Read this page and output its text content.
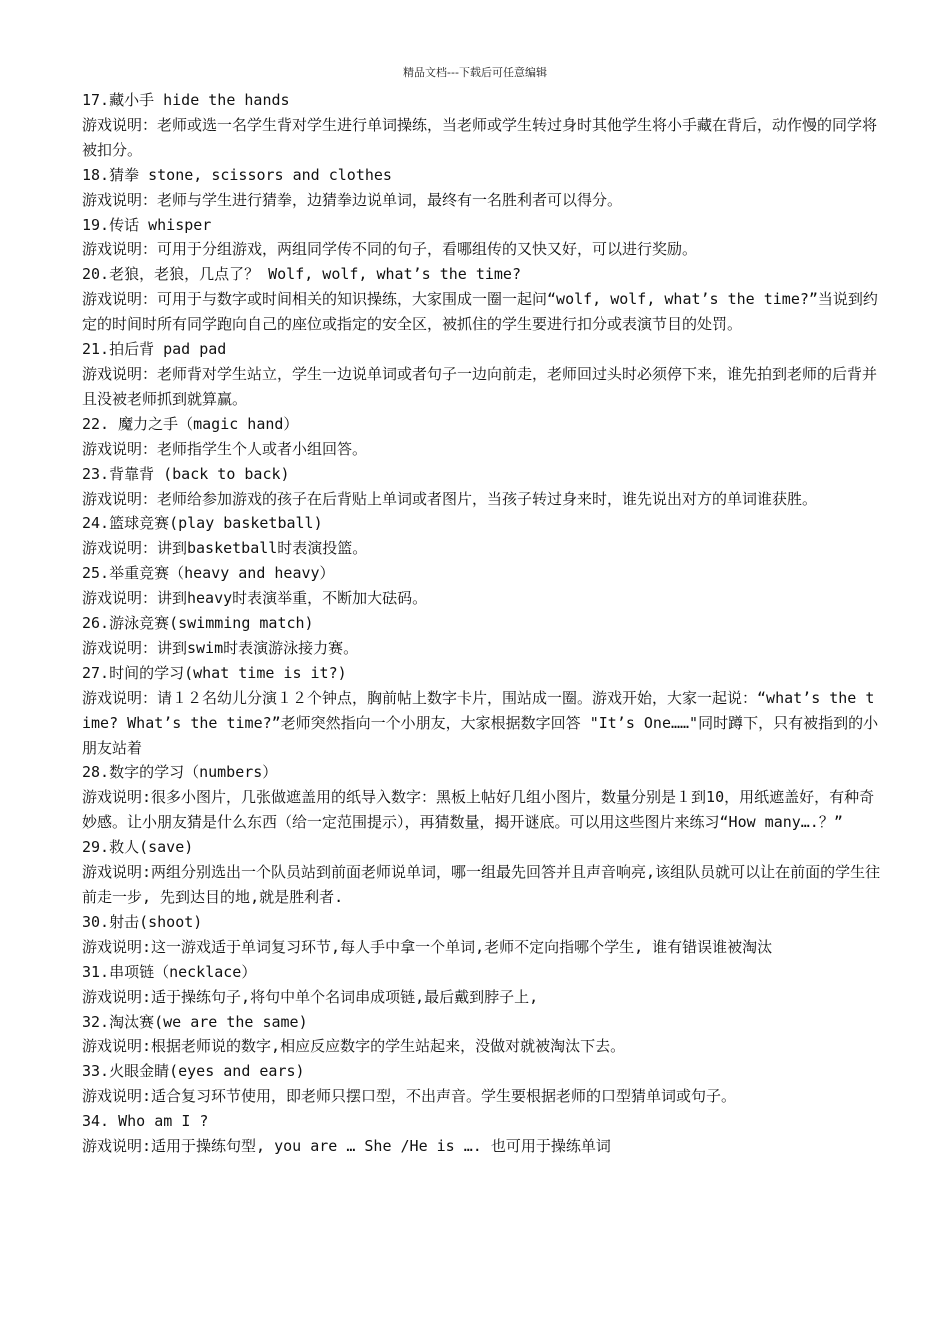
精品文档---下载后可任意编辑
17.藏小手 hide the hands
游戏说明：老师或选一名学生背对学生进行单词操练，当老师或学生转过身时其他学生将小手藏在背后，动作慢的同学将被扣分。
18.猜拳 stone, scissors and clothes
游戏说明：老师与学生进行猜拳，边猜拳边说单词，最终有一名胜利者可以得分。
19.传话 whisper
游戏说明：可用于分组游戏，两组同学传不同的句子，看哪组传的又快又好，可以进行奖励。
20.老狼，老狼，几点了？ Wolf, wolf, what’s the time?
游戏说明：可用于与数字或时间相关的知识操练，大家围成一圈一起问“wolf, wolf, what’s the time?”当说到约定的时间时所有同学跑向自己的座位或指定的安全区，被抓住的学生要进行扣分或表演节目的处罚。
21.拍后背 pad pad
游戏说明：老师背对学生站立，学生一边说单词或者句子一边向前走，老师回过头时必须停下来，谁先拍到老师的后背并且没被老师抓到就算赢。
22. 魔力之手（magic hand）
游戏说明：老师指学生个人或者小组回答。
23.背靠背 (back to back)
游戏说明：老师给参加游戏的孩子在后背贴上单词或者图片，当孩子转过身来时，谁先说出对方的单词谁获胜。
24.篮球竞赛(play basketball)
游戏说明：讲到basketball时表演投篮。
25.举重竞赛（heavy and heavy）
游戏说明：讲到heavy时表演举重，不断加大砝码。
26.游泳竞赛(swimming match)
游戏说明：讲到swim时表演游泳接力赛。
27.时间的学习(what time is it?)
游戏说明：请１２名幼儿分演１２个钟点，胸前帖上数字卡片，围站成一圈。游戏开始，大家一起说：“what’s the time? What’s the time?”老师突然指向一个小朋友，大家根据数字回答 "It’s One……"同时蹲下，只有被指到的小朋友站着
28.数字的学习（numbers）
游戏说明:很多小图片，几张做遮盖用的纸导入数字：黑板上帖好几组小图片，数量分别是１到10，用纸遮盖好，有种奇妙感。让小朋友猜是什么东西（给一定范围提示），再猜数量，揭开谜底。可以用这些图片来练习“How many….？”
29.救人(save)
游戏说明:两组分别选出一个队员站到前面老师说单词，哪一组最先回答并且声音响亮,该组队员就可以让在前面的学生往前走一步, 先到达目的地,就是胜利者.
30.射击(shoot)
游戏说明:这一游戏适于单词复习环节,每人手中拿一个单词,老师不定向指哪个学生, 谁有错误谁被淘汰
31.串项链（necklace）
游戏说明:适于操练句子,将句中单个名词串成项链,最后戴到脖子上,
32.淘汰赛(we are the same)
游戏说明:根据老师说的数字,相应反应数字的学生站起来，没做对就被淘汰下去。
33.火眼金睛(eyes and ears)
游戏说明:适合复习环节使用，即老师只摆口型，不出声音。学生要根据老师的口型猜单词或句子。
34. Who am I ?
游戏说明:适用于操练句型, you are … She /He is …. 也可用于操练单词
